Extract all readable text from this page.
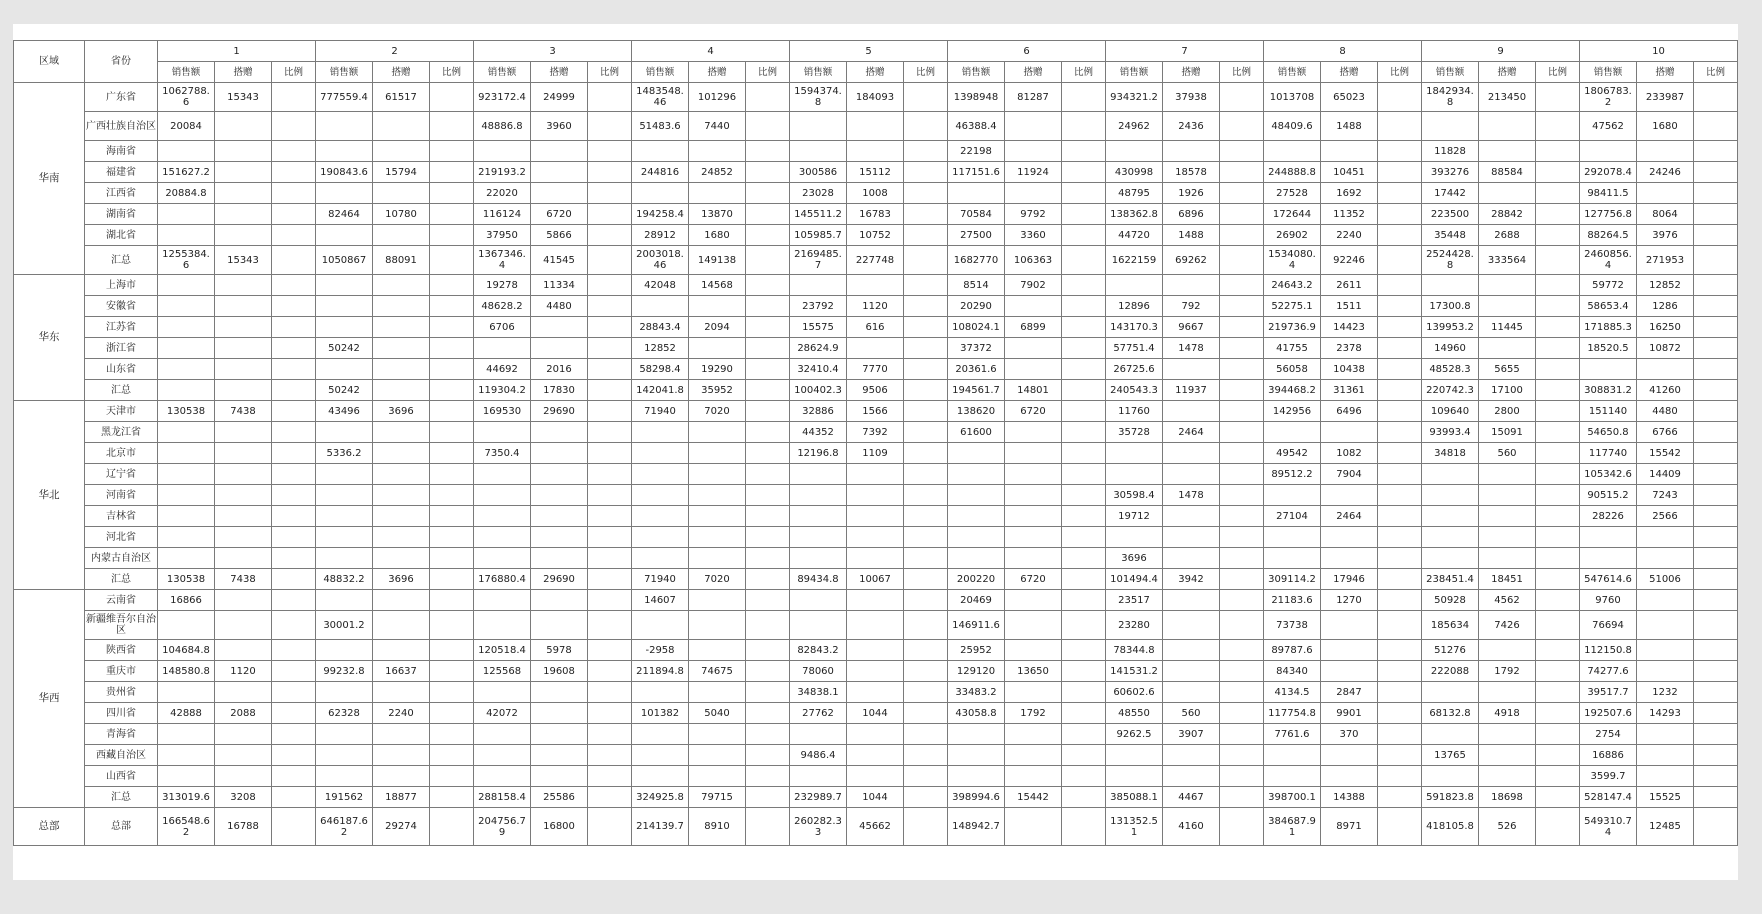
区域	省份	1			2			3			4			5			6			7			8			9			10		
		销售额	搭赠	比例	销售额	搭赠	比例	销售额	搭赠	比例	销售额	搭赠	比例	销售额	搭赠	比例	销售额	搭赠	比例	销售额	搭赠	比例	销售额	搭赠	比例	销售额	搭赠	比例	销售额	搭赠	比例
华南	广东省	1062788.6	15343		777559.4	61517		923172.4	24999		1483548.46	101296		1594374.8	184093		1398948	81287		934321.2	37938		1013708	65023		1842934.8	213450		1806783.2	233987	
	广西壮族自治区	20084						48886.8	3960		51483.6	7440					46388.4			24962	2436		48409.6	1488					47562	1680	
	海南省																22198									11828					
	福建省	151627.2			190843.6	15794		219193.2			244816	24852		300586	15112		117151.6	11924		430998	18578		244888.8	10451		393276	88584		292078.4	24246	
	江西省	20884.8						22020						23028	1008					48795	1926		27528	1692		17442			98411.5		
	湖南省				82464	10780		116124	6720		194258.4	13870		145511.2	16783		70584	9792		138362.8	6896		172644	11352		223500	28842		127756.8	8064	
	湖北省							37950	5866		28912	1680		105985.7	10752		27500	3360		44720	1488		26902	2240		35448	2688		88264.5	3976	
	汇总	1255384.6	15343		1050867	88091		1367346.4	41545		2003018.46	149138		2169485.7	227748		1682770	106363		1622159	69262		1534080.4	92246		2524428.8	333564		2460856.4	271953	
华东	上海市							19278	11334		42048	14568					8514	7902					24643.2	2611					59772	12852	
	安徽省							48628.2	4480					23792	1120		20290			12896	792		52275.1	1511		17300.8			58653.4	1286	
	江苏省							6706			28843.4	2094		15575	616		108024.1	6899		143170.3	9667		219736.9	14423		139953.2	11445		171885.3	16250	
	浙江省				50242						12852			28624.9			37372			57751.4	1478		41755	2378		14960			18520.5	10872	
	山东省							44692	2016		58298.4	19290		32410.4	7770		20361.6			26725.6			56058	10438		48528.3	5655				
	汇总				50242			119304.2	17830		142041.8	35952		100402.3	9506		194561.7	14801		240543.3	11937		394468.2	31361		220742.3	17100		308831.2	41260	
华北	天津市	130538	7438		43496	3696		169530	29690		71940	7020		32886	1566		138620	6720		11760			142956	6496		109640	2800		151140	4480	
	黑龙江省													44352	7392		61600			35728	2464					93993.4	15091		54650.8	6766	
	北京市				5336.2			7350.4						12196.8	1109								49542	1082		34818	560		117740	15542	
	辽宁省																						89512.2	7904					105342.6	14409	
	河南省																			30598.4	1478								90515.2	7243	
	吉林省																			19712			27104	2464					28226	2566	
	河北省																														
	内蒙古自治区																			3696											
	汇总	130538	7438		48832.2	3696		176880.4	29690		71940	7020		89434.8	10067		200220	6720		101494.4	3942		309114.2	17946		238451.4	18451		547614.6	51006	
华西	云南省	16866									14607						20469			23517			21183.6	1270		50928	4562		9760		
	新疆维吾尔自治区				30001.2												146911.6			23280			73738			185634	7426		76694		
	陕西省	104684.8						120518.4	5978		-2958			82843.2			25952			78344.8			89787.6			51276			112150.8		
	重庆市	148580.8	1120		99232.8	16637		125568	19608		211894.8	74675		78060			129120	13650		141531.2			84340			222088	1792		74277.6		
	贵州省													34838.1			33483.2			60602.6			4134.5	2847					39517.7	1232	
	四川省	42888	2088		62328	2240		42072			101382	5040		27762	1044		43058.8	1792		48550	560		117754.8	9901		68132.8	4918		192507.6	14293	
	青海省																			9262.5	3907		7761.6	370					2754		
	西藏自治区													9486.4												13765			16886		
	山西省																												3599.7		
	汇总	313019.6	3208		191562	18877		288158.4	25586		324925.8	79715		232989.7	1044		398994.6	15442		385088.1	4467		398700.1	14388		591823.8	18698		528147.4	15525	
总部	总部	166548.62	16788		646187.62	29274		204756.79	16800		214139.7	8910		260282.33	45662		148942.7			131352.51	4160		384687.91	8971		418105.8	526		549310.74	12485	
